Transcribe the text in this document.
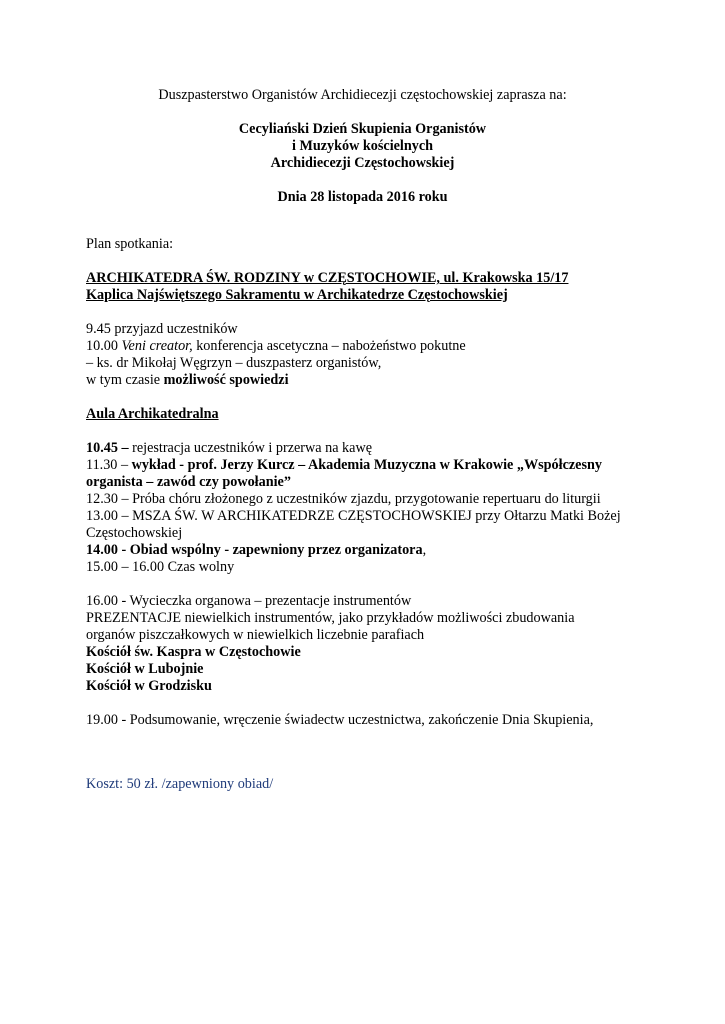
Duszpasterstwo Organistów Archidiecezji częstochowskiej zaprasza na:
Cecyliański Dzień Skupienia Organistów
i Muzyków kościelnych
Archidiecezji Częstochowskiej
Dnia 28 listopada 2016 roku
Plan spotkania:
ARCHIKATEDRA ŚW. RODZINY w CZĘSTOCHOWIE, ul. Krakowska 15/17
Kaplica Najświętszego Sakramentu w Archikatedrze Częstochowskiej
9.45 przyjazd uczestników
10.00 Veni creator, konferencja ascetyczna – nabożeństwo pokutne
– ks. dr Mikołaj Węgrzyn – duszpasterz organistów,
w tym czasie możliwość spowiedzi
Aula Archikatedralna
10.45 – rejestracja uczestników i przerwa na kawę
11.30 – wykład - prof. Jerzy Kurcz – Akademia Muzyczna w Krakowie „Współczesny
organista – zawód czy powołanie”
12.30 – Próba chóru złożonego z uczestników zjazdu, przygotowanie repertuaru do liturgii
13.00 – MSZA ŚW. W ARCHIKATEDRZE CZĘSTOCHOWSKIEJ przy Ołtarzu Matki Bożej
Częstochowskiej
14.00 - Obiad wspólny - zapewniony przez organizatora,
15.00 – 16.00 Czas wolny
16.00 - Wycieczka organowa – prezentacje instrumentów
PREZENTACJE niewielkich instrumentów, jako przykładów możliwości zbudowania
organów piszczałkowych w niewielkich liczebnie parafiach
Kościół św. Kaspra w Częstochowie
Kościół w Lubojnie
Kościół w Grodzisku
19.00 - Podsumowanie, wręczenie świadectw uczestnictwa, zakończenie Dnia Skupienia,
Koszt: 50 zł. /zapewniony obiad/
